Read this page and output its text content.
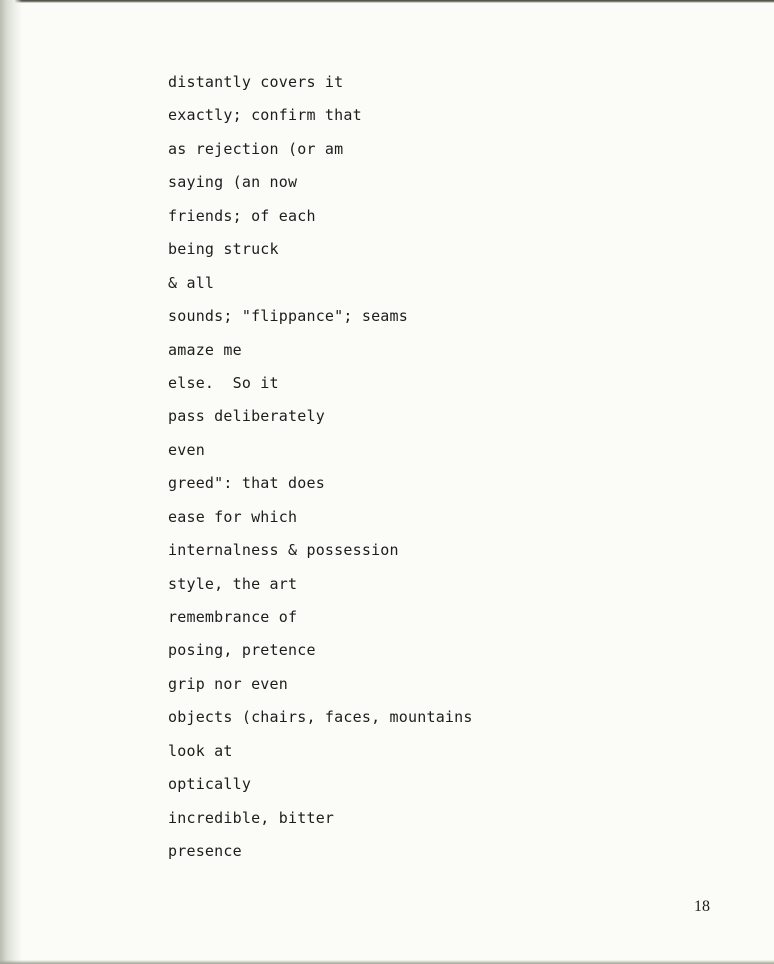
distantly covers it
exactly; confirm that
as rejection (or am
saying (an now
friends; of each
being struck
& all
sounds; "flippance"; seams
amaze me
else.  So it
pass deliberately
even
greed": that does
ease for which
internalness & possession
style, the art
remembrance of
posing, pretence
grip nor even
objects (chairs, faces, mountains
look at
optically
incredible, bitter
presence
18
